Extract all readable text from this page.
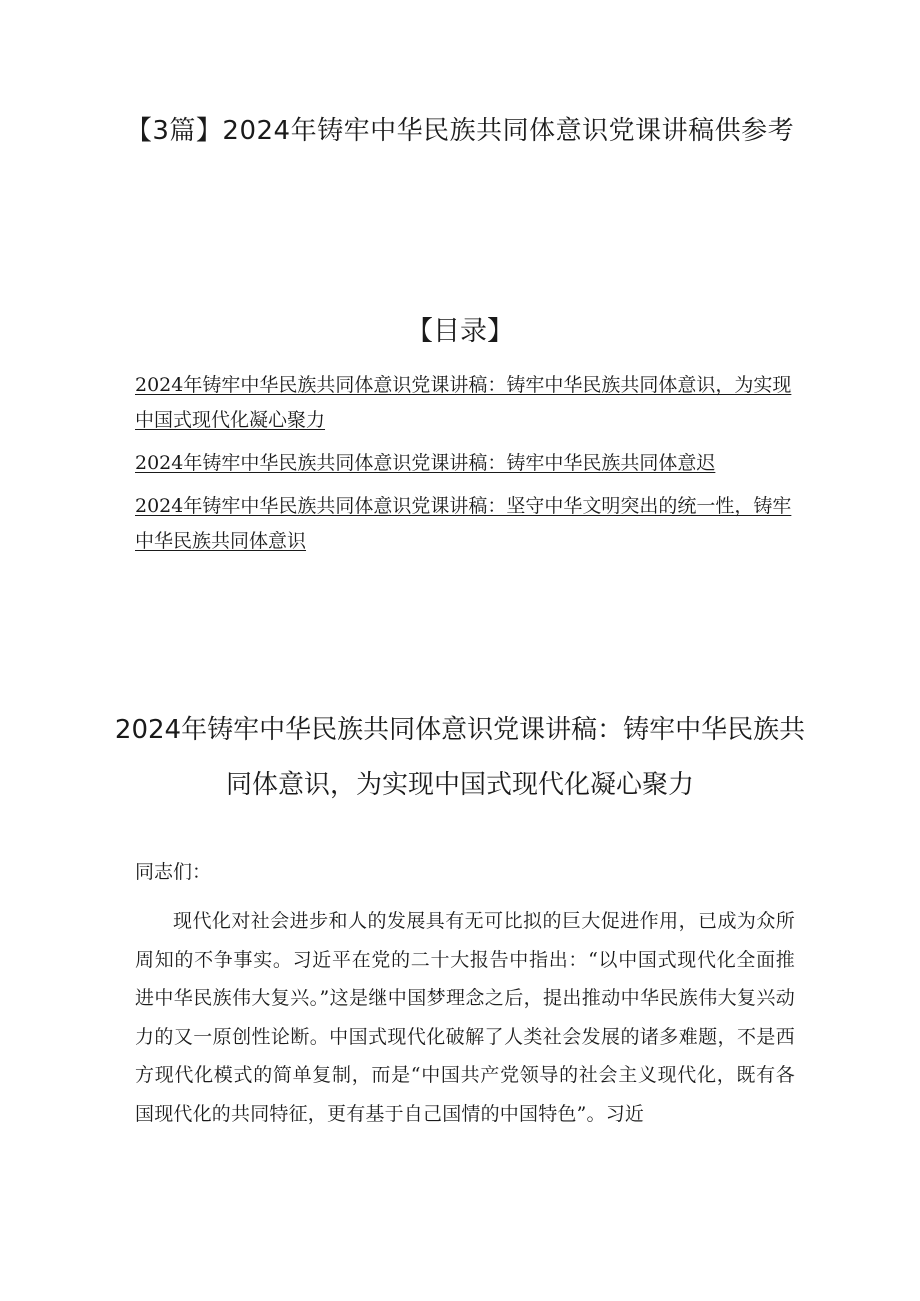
【3篇】2024年铸牢中华民族共同体意识党课讲稿供参考
【目录】
2024年铸牢中华民族共同体意识党课讲稿：铸牢中华民族共同体意识，为实现中国式现代化凝心聚力
2024年铸牢中华民族共同体意识党课讲稿：铸牢中华民族共同体意迟
2024年铸牢中华民族共同体意识党课讲稿：坚守中华文明突出的统一性，铸牢中华民族共同体意识
2024年铸牢中华民族共同体意识党课讲稿：铸牢中华民族共同体意识，为实现中国式现代化凝心聚力
同志们：
现代化对社会进步和人的发展具有无可比拟的巨大促进作用，已成为众所周知的不争事实。习近平在党的二十大报告中指出：“以中国式现代化全面推进中华民族伟大复兴。”这是继中国梦理念之后，提出推动中华民族伟大复兴动力的又一原创性论断。中国式现代化破解了人类社会发展的诸多难题，不是西方现代化模式的简单复制，而是“中国共产党领导的社会主义现代化，既有各国现代化的共同特征，更有基于自己国情的中国特色”。习近
